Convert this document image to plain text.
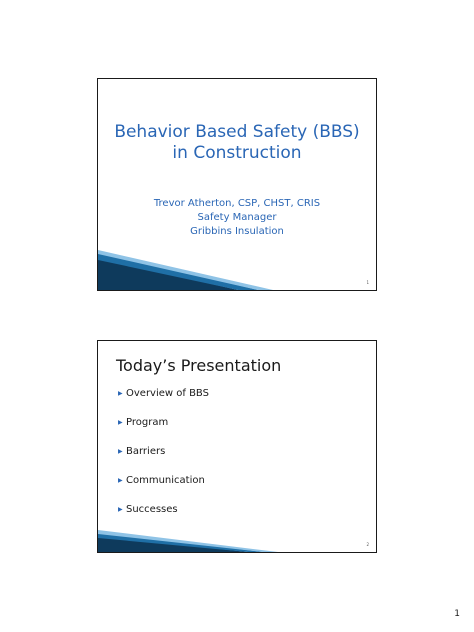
Behavior Based Safety (BBS)
in Construction
Trevor Atherton, CSP, CHST, CRIS
Safety Manager
Gribbins Insulation
1
Today’s Presentation
▶ Overview of BBS
▶ Program
▶ Barriers
▶ Communication
▶ Successes
2
1
